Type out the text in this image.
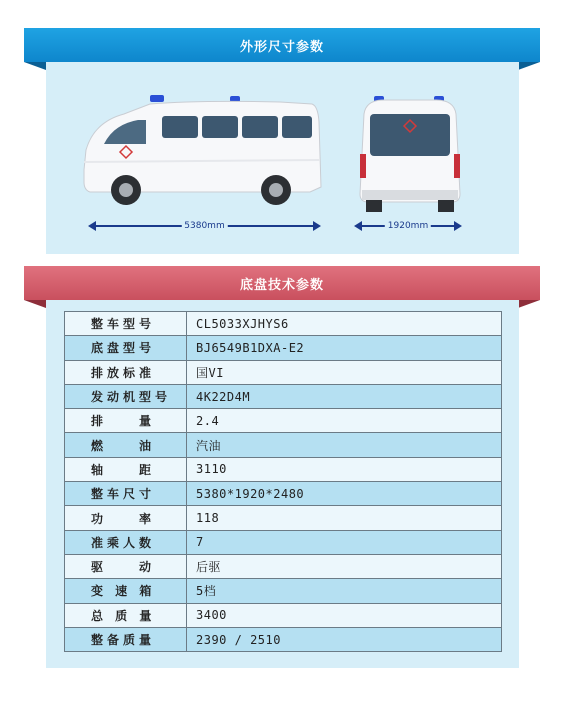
5380mm	1920mm
外形尺寸参数
底盘技术参数
整车型号	CL5033XJHYS6
底盘型号	BJ6549B1DXA-E2
排放标准	国VI
发动机型号	4K22D4M
排　　量	2.4
燃　　油	汽油
轴　　距	3110
整车尺寸	5380*1920*2480
功　　率	118
准乘人数	7
驱　　动	后驱
变 速 箱	5档
总 质 量	3400
整备质量	2390 / 2510
